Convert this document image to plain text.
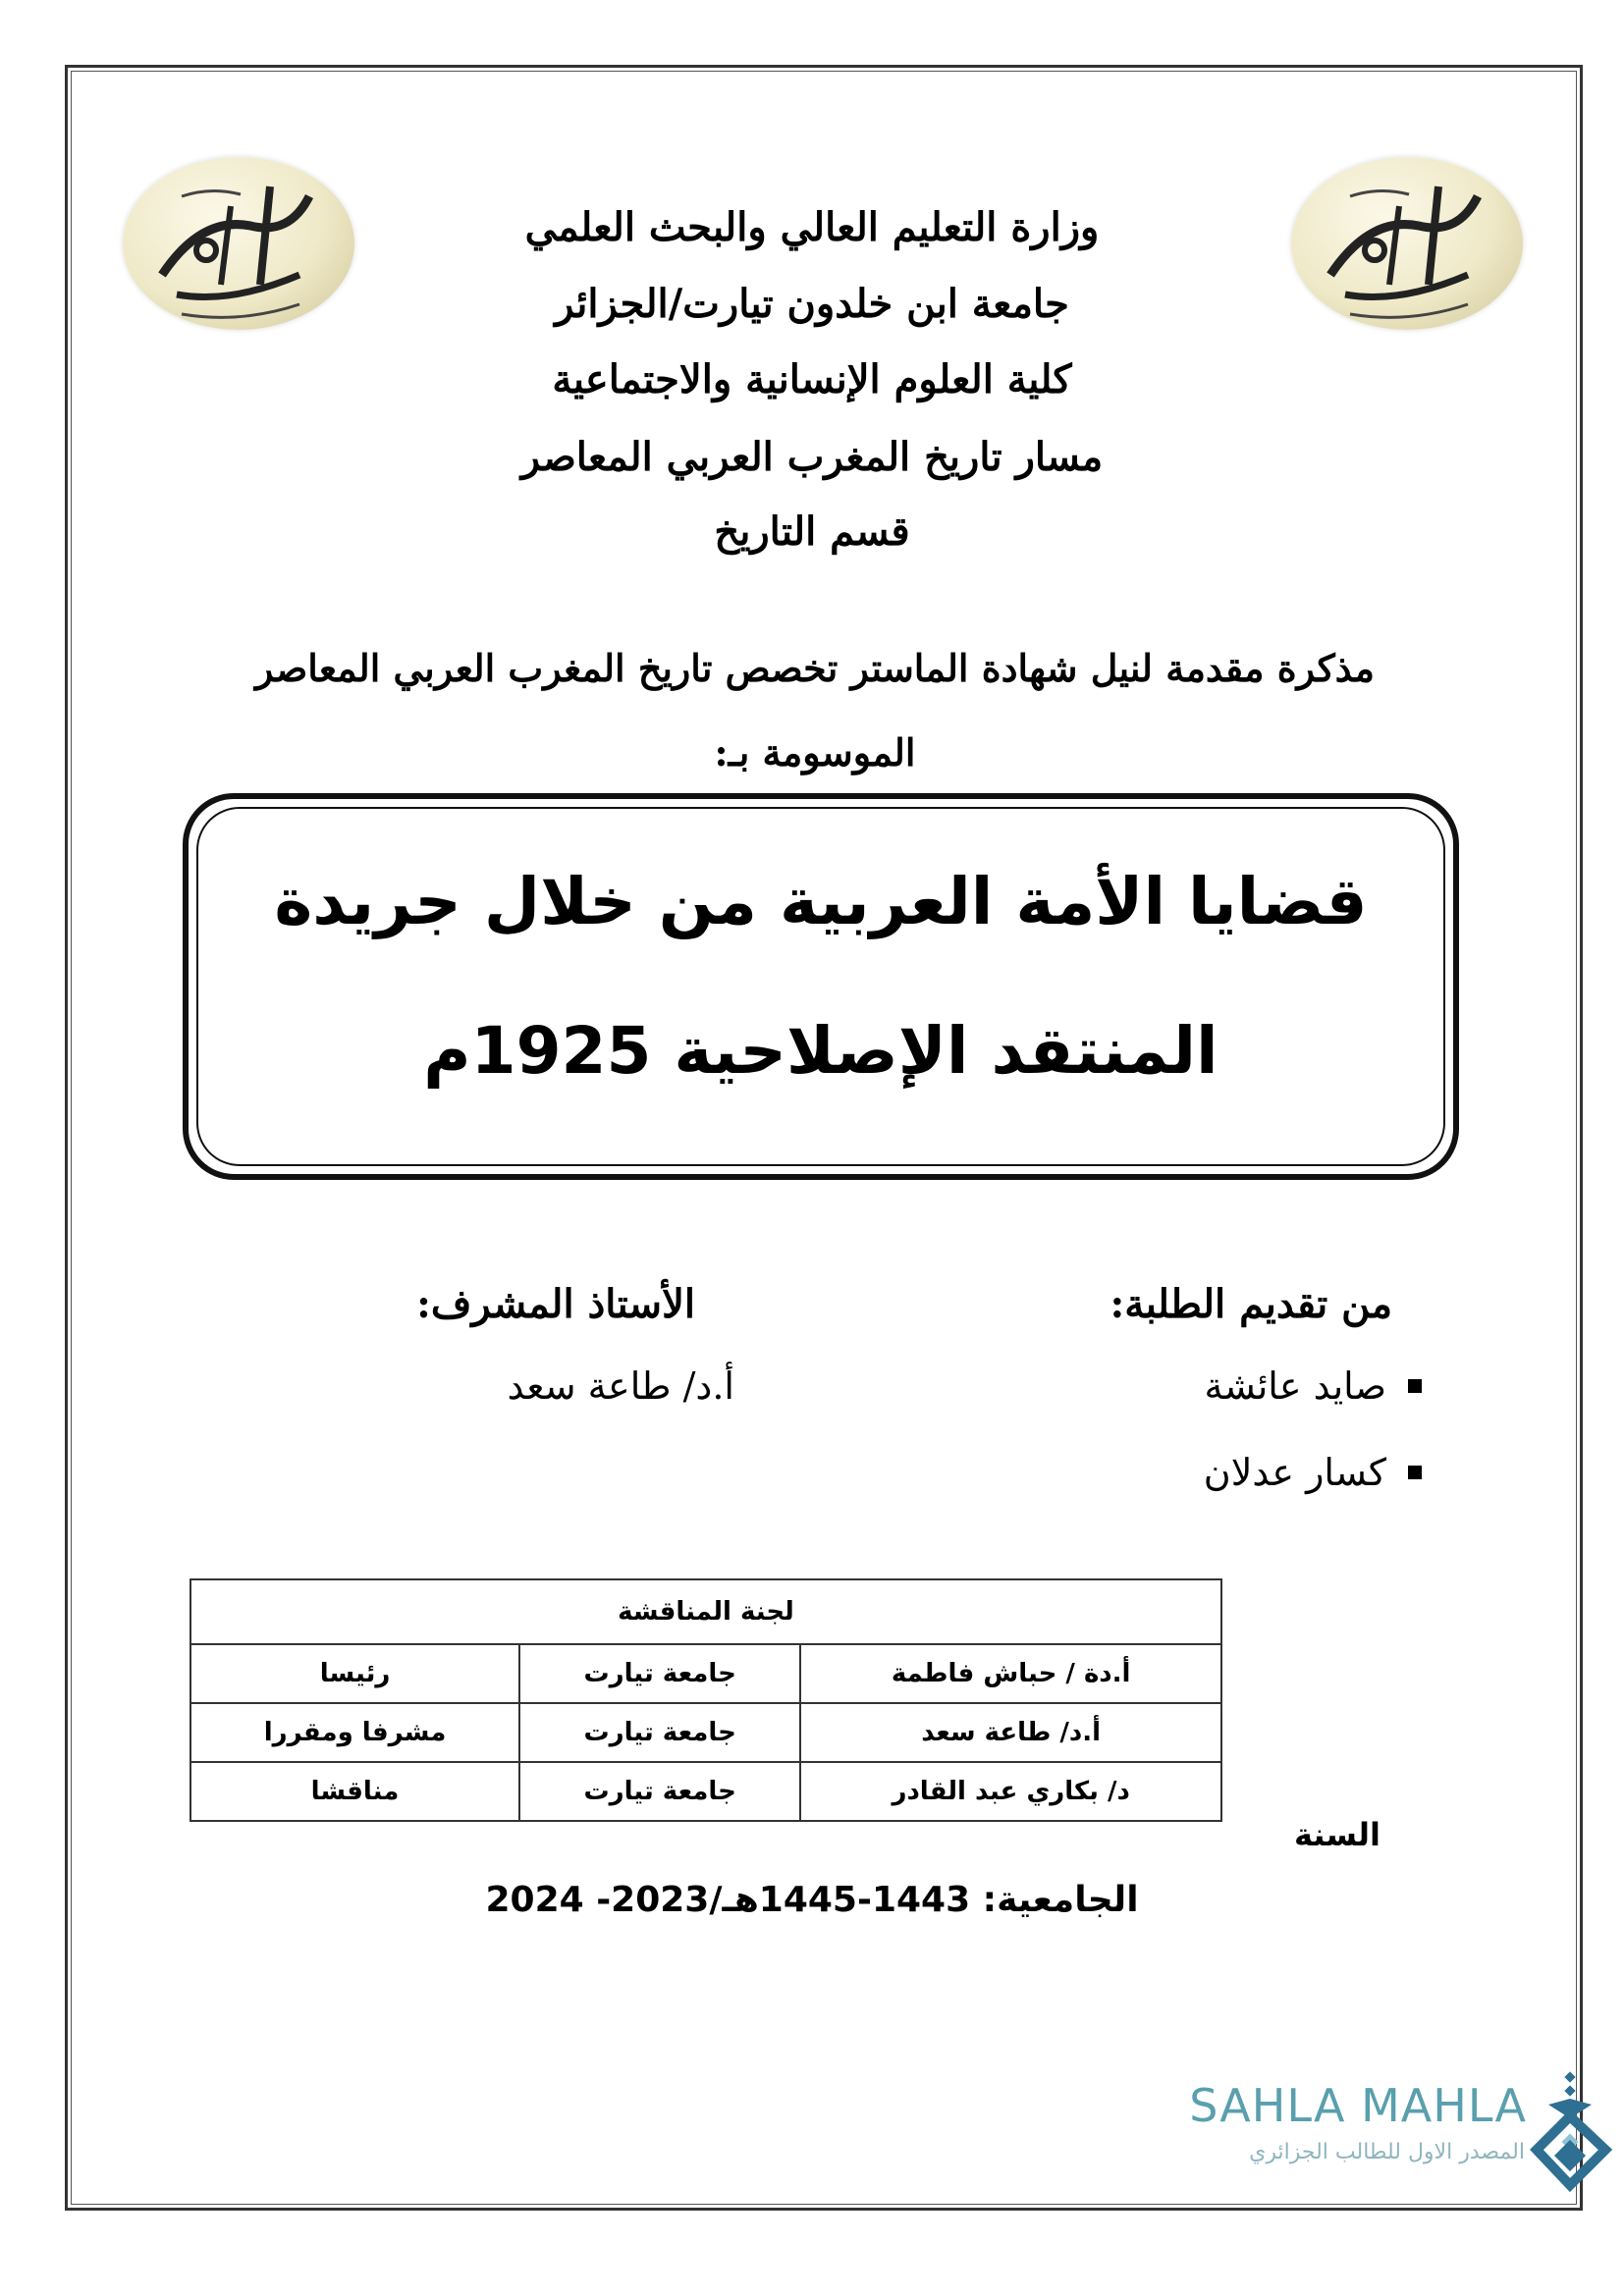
وزارة التعليم العالي والبحث العلمي
جامعة ابن خلدون تيارت/الجزائر
كلية العلوم الإنسانية والاجتماعية
مسار تاريخ المغرب العربي المعاصر
قسم التاريخ
مذكرة مقدمة لنيل شهادة الماستر تخصص تاريخ المغرب العربي المعاصر
الموسومة بـ:
قضايا الأمة العربية من خلال جريدة
المنتقد الإصلاحية 1925م
من تقديم الطلبة:
الأستاذ المشرف:
صايد عائشة
كسار عدلان
أ.د/ طاعة سعد
لجنة المناقشة		
أ.دة / حباش فاطمة	جامعة تيارت	رئيسا
أ.د/ طاعة سعد	جامعة تيارت	مشرفا ومقررا
د/ بكاري عبد القادر	جامعة تيارت	مناقشا
السنة
الجامعية: 1443-1445هـ/2023- 2024
SAHLA MAHLA
المصدر الاول للطالب الجزائري
